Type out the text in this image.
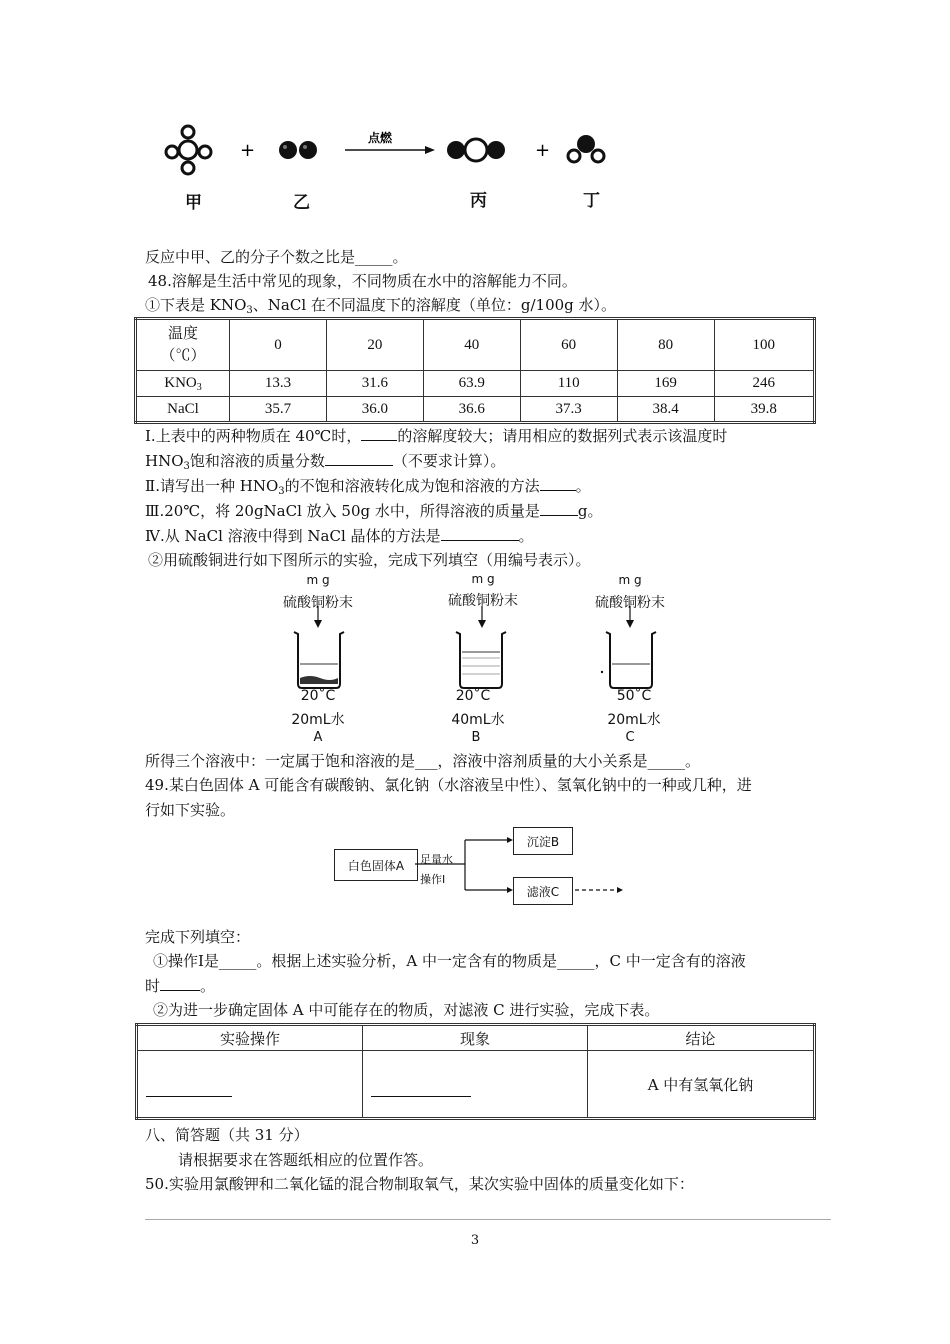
+
点燃
+
甲	乙	丙	丁
反应中甲、乙的分子个数之比是_____。
48.溶解是生活中常见的现象，不同物质在水中的溶解能力不同。
①下表是 $KNO_3$、NaCl 在不同温度下的溶解度（单位：g/100g 水）。
温度
（℃）	0	20	40	60	80	100
$KNO_3$	13.3	31.6	63.9	110	169	246
NaCl	35.7	36.0	36.6	37.3	38.4	39.8
Ⅰ.上表中的两种物质在 40℃时， 的溶解度较大；请用相应的数据列式表示该温度时
$HNO_3$饱和溶液的质量分数	（不要求计算）。
Ⅱ.请写出一种 $HNO_3$的不饱和溶液转化成为饱和溶液的方法 。
Ⅲ.20℃，将 20gNaCl 放入 50g 水中，所得溶液的质量是	g。
Ⅳ.从 NaCl 溶液中得到 NaCl 晶体的方法是	。
②用硫酸铜进行如下图所示的实验，完成下列填空（用编号表示）。
m g
硫酸铜粉末
20˚C
20mL水
A
m g
硫酸铜粉末
20˚C
40mL水
B
m g
硫酸铜粉末
50˚C
20mL水
C
所得三个溶液中：一定属于饱和溶液的是___，溶液中溶剂质量的大小关系是_____。
49.某白色固体 A 可能含有碳酸钠、氯化钠（水溶液呈中性）、氢氧化钠中的一种或几种，进
行如下实验。
白色固体A
沉淀B
滤液C
足量水
操作Ⅰ
完成下列填空：
①操作Ⅰ是_____。根据上述实验分析，A 中一定含有的物质是_____，C 中一定含有的溶液
时	。
②为进一步确定固体 A 中可能存在的物质，对滤液 C 进行实验，完成下表。
实验操作	现象	结论
		A 中有氢氧化钠
八、简答题（共 31 分）
请根据要求在答题纸相应的位置作答。
50.实验用氯酸钾和二氧化锰的混合物制取氧气，某次实验中固体的质量变化如下：
3
